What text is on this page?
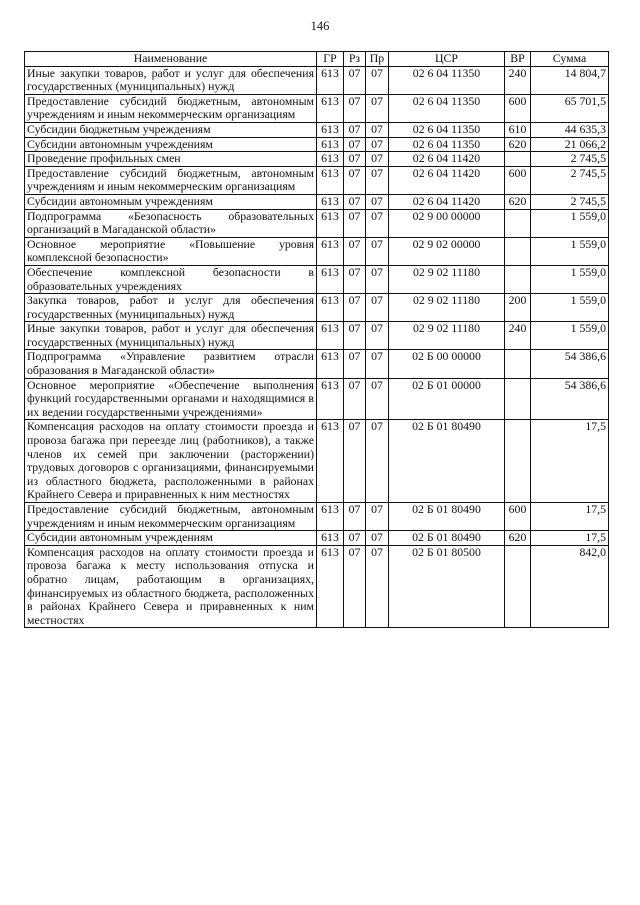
146
Наименование	ГР	Рз	Пр	ЦСР	ВР	Сумма
Иные закупки товаров, работ и услуг для обеспечения государственных (муниципальных) нужд	613	07	07	02 6 04 11350	240	14 804,7
Предоставление субсидий бюджетным, автономным учреждениям и иным некоммерческим организациям	613	07	07	02 6 04 11350	600	65 701,5
Субсидии бюджетным учреждениям	613	07	07	02 6 04 11350	610	44 635,3
Субсидии автономным учреждениям	613	07	07	02 6 04 11350	620	21 066,2
Проведение профильных смен	613	07	07	02 6 04 11420		2 745,5
Предоставление субсидий бюджетным, автономным учреждениям и иным некоммерческим организациям	613	07	07	02 6 04 11420	600	2 745,5
Субсидии автономным учреждениям	613	07	07	02 6 04 11420	620	2 745,5
Подпрограмма «Безопасность образовательных организаций в Магаданской области»	613	07	07	02 9 00 00000		1 559,0
Основное мероприятие «Повышение уровня комплексной безопасности»	613	07	07	02 9 02 00000		1 559,0
Обеспечение комплексной безопасности в образовательных учреждениях	613	07	07	02 9 02 11180		1 559,0
Закупка товаров, работ и услуг для обеспечения государственных (муниципальных) нужд	613	07	07	02 9 02 11180	200	1 559,0
Иные закупки товаров, работ и услуг для обеспечения государственных (муниципальных) нужд	613	07	07	02 9 02 11180	240	1 559,0
Подпрограмма «Управление развитием отрасли образования в Магаданской области»	613	07	07	02 Б 00 00000		54 386,6
Основное мероприятие «Обеспечение выполнения функций государственными органами и находящимися в их ведении государственными учреждениями»	613	07	07	02 Б 01 00000		54 386,6
Компенсация расходов на оплату стоимости проезда и провоза багажа при переезде лиц (работников), а также членов их семей при заключении (расторжении) трудовых договоров с организациями, финансируемыми из областного бюджета, расположенными в районах Крайнего Севера и приравненных к ним местностях	613	07	07	02 Б 01 80490		17,5
Предоставление субсидий бюджетным, автономным учреждениям и иным некоммерческим организациям	613	07	07	02 Б 01 80490	600	17,5
Субсидии автономным учреждениям	613	07	07	02 Б 01 80490	620	17,5
Компенсация расходов на оплату стоимости проезда и провоза багажа к месту использования отпуска и обратно лицам, работающим в организациях, финансируемых из областного бюджета, расположенных в районах Крайнего Севера и приравненных к ним местностях	613	07	07	02 Б 01 80500		842,0
